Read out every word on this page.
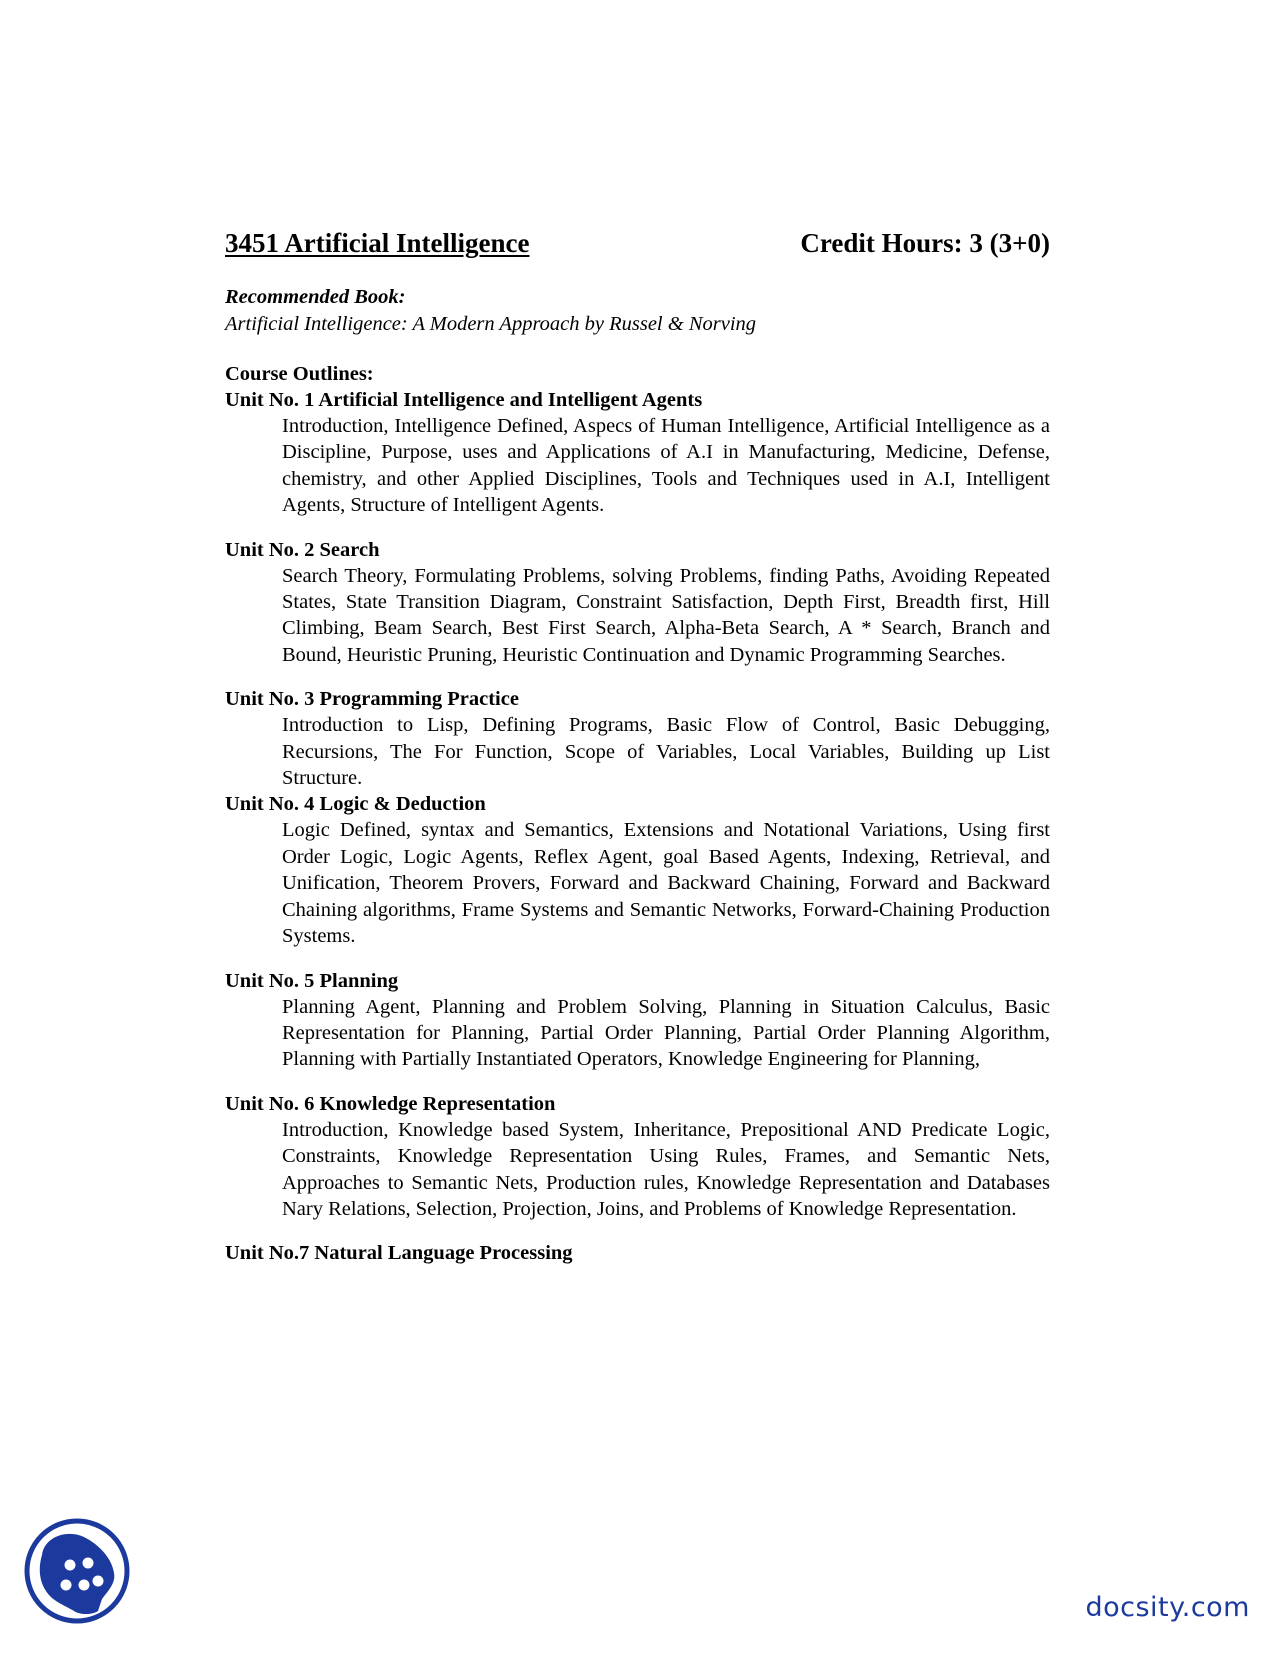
3451 Artificial Intelligence	Credit Hours: 3 (3+0)
Recommended Book:
Artificial Intelligence: A Modern Approach by Russel & Norving
Course Outlines:
Unit No. 1 Artificial Intelligence and Intelligent Agents
Introduction, Intelligence Defined, Aspecs of Human Intelligence, Artificial Intelligence as a Discipline, Purpose, uses and Applications of A.I in Manufacturing, Medicine, Defense, chemistry, and other Applied Disciplines, Tools and Techniques used in A.I, Intelligent Agents, Structure of Intelligent Agents.
Unit No. 2 Search
Search Theory, Formulating Problems, solving Problems, finding Paths, Avoiding Repeated States, State Transition Diagram, Constraint Satisfaction, Depth First, Breadth first, Hill Climbing, Beam Search, Best First Search, Alpha-Beta Search, A * Search, Branch and Bound, Heuristic Pruning, Heuristic Continuation and Dynamic Programming Searches.
Unit No. 3 Programming Practice
Introduction to Lisp, Defining Programs, Basic Flow of Control, Basic Debugging, Recursions, The For Function, Scope of Variables, Local Variables, Building up List Structure.
Unit No. 4 Logic & Deduction
Logic Defined, syntax and Semantics, Extensions and Notational Variations, Using first Order Logic, Logic Agents, Reflex Agent, goal Based Agents, Indexing, Retrieval, and Unification, Theorem Provers, Forward and Backward Chaining, Forward and Backward Chaining algorithms, Frame Systems and Semantic Networks, Forward-Chaining Production Systems.
Unit No. 5 Planning
Planning Agent, Planning and Problem Solving, Planning in Situation Calculus, Basic Representation for Planning, Partial Order Planning, Partial Order Planning Algorithm, Planning with Partially Instantiated Operators, Knowledge Engineering for Planning,
Unit No. 6 Knowledge Representation
Introduction, Knowledge based System, Inheritance, Prepositional AND Predicate Logic, Constraints, Knowledge Representation Using Rules, Frames, and Semantic Nets, Approaches to Semantic Nets, Production rules, Knowledge Representation and Databases Nary Relations, Selection, Projection, Joins, and Problems of Knowledge Representation.
Unit No.7 Natural Language Processing
docsity.com
